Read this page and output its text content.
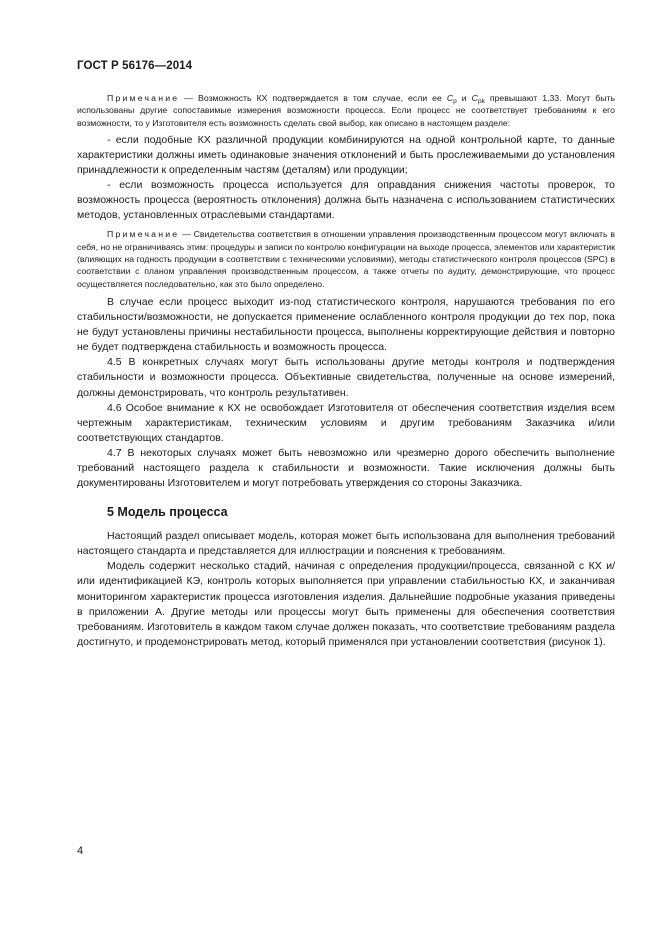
ГОСТ Р 56176—2014

Примечание — Возможность КХ подтверждается в том случае, если ее $C_p$ и $C_{pk}$ превышают 1,33. Могут быть использованы другие сопоставимые измерения возможности процесса. Если процесс не соответствует требованиям к его возможности, то у Изготовителя есть возможность сделать свой выбор, как описано в настоящем разделе:

- если подобные КХ различной продукции комбинируются на одной контрольной карте, то данные характеристики должны иметь одинаковые значения отклонений и быть прослеживаемыми до установления принадлежности к определенным частям (деталям) или продукции;

- если возможность процесса используется для оправдания снижения частоты проверок, то возможность процесса (вероятность отклонения) должна быть назначена с использованием статистических методов, установленных отраслевыми стандартами.

Примечание — Свидетельства соответствия в отношении управления производственным процессом могут включать в себя, но не ограничиваясь этим: процедуры и записи по контролю конфигурации на выходе процесса, элементов или характеристик (влияющих на годность продукции в соответствии с техническими условиями), методы статистического контроля процессов (SPC) в соответствии с планом управления производственным процессом, а также отчеты по аудиту, демонстрирующие, что процесс осуществляется последовательно, как это было определено.

В случае если процесс выходит из-под статистического контроля, нарушаются требования по его стабильности/возможности, не допускается применение ослабленного контроля продукции до тех пор, пока не будут установлены причины нестабильности процесса, выполнены корректирующие действия и повторно не будет подтверждена стабильность и возможность процесса.

4.5 В конкретных случаях могут быть использованы другие методы контроля и подтверждения стабильности и возможности процесса. Объективные свидетельства, полученные на основе измерений, должны демонстрировать, что контроль результативен.

4.6 Особое внимание к КХ не освобождает Изготовителя от обеспечения соответствия изделия всем чертежным характеристикам, техническим условиям и другим требованиям Заказчика и/или соответствующих стандартов.

4.7 В некоторых случаях может быть невозможно или чрезмерно дорого обеспечить выполнение требований настоящего раздела к стабильности и возможности. Такие исключения должны быть документированы Изготовителем и могут потребовать утверждения со стороны Заказчика.

5 Модель процесса

Настоящий раздел описывает модель, которая может быть использована для выполнения требований настоящего стандарта и представляется для иллюстрации и пояснения к требованиям.

Модель содержит несколько стадий, начиная с определения продукции/процесса, связанной с КХ и/или идентификацией КЭ, контроль которых выполняется при управлении стабильностью КХ, и заканчивая мониторингом характеристик процесса изготовления изделия. Дальнейшие подробные указания приведены в приложении А. Другие методы или процессы могут быть применены для обеспечения соответствия требованиям. Изготовитель в каждом таком случае должен показать, что соответствие требованиям раздела достигнуто, и продемонстрировать метод, который применялся при установлении соответствия (рисунок 1).

4
